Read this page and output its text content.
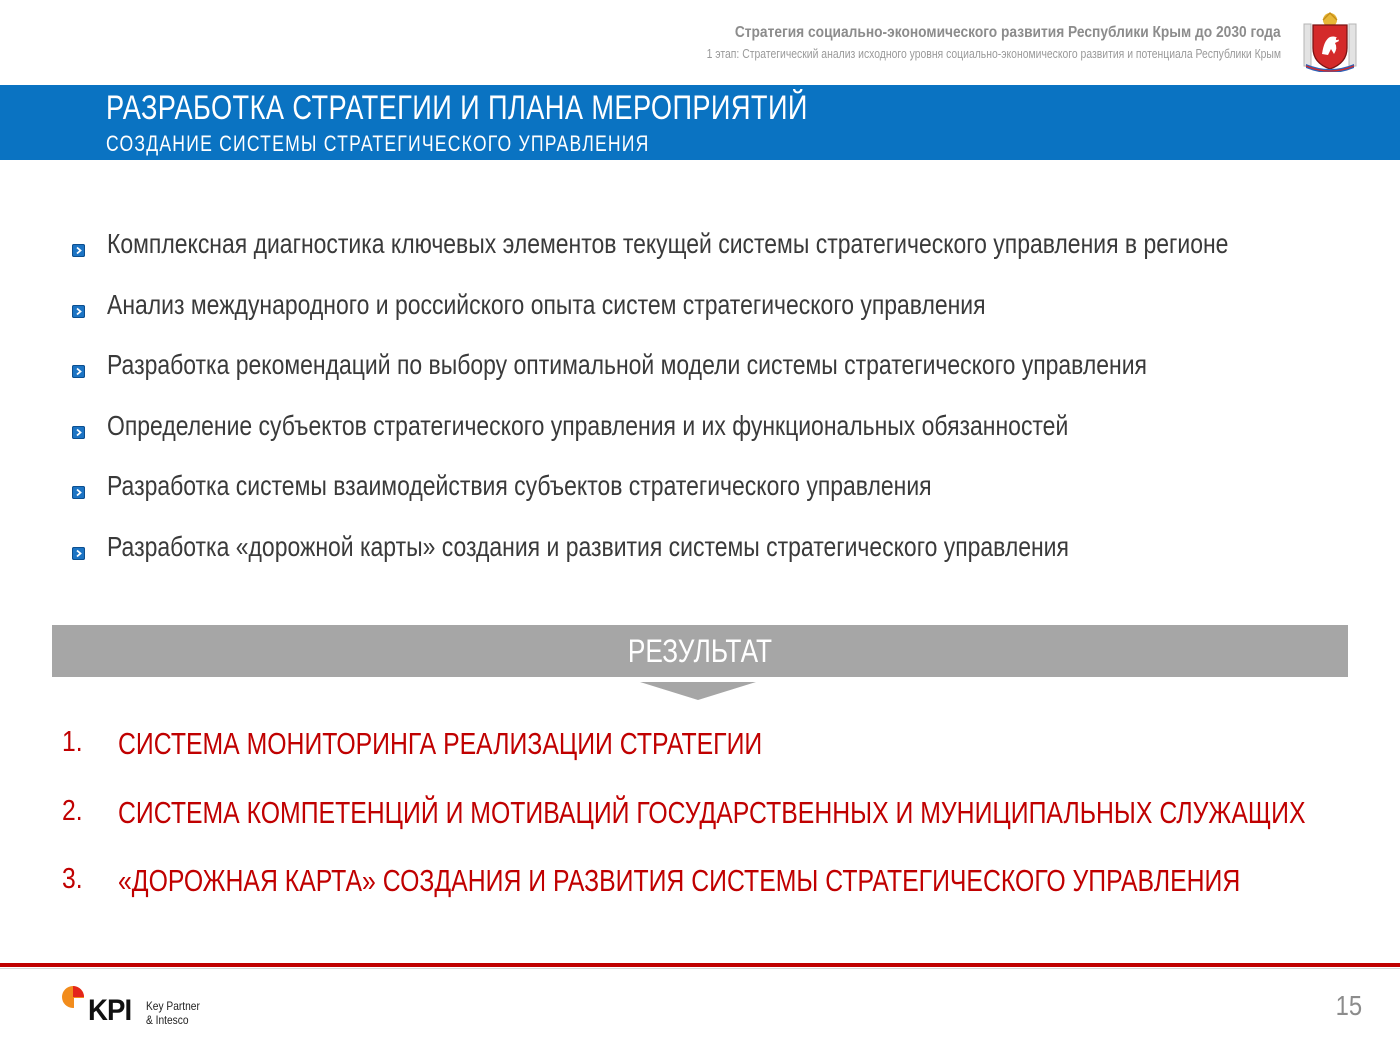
Стратегия социально-экономического развития Республики Крым до 2030 года
1 этап: Стратегический анализ исходного уровня социально-экономического развития и потенциала Республики Крым
РАЗРАБОТКА СТРАТЕГИИ И ПЛАНА МЕРОПРИЯТИЙ
СОЗДАНИЕ СИСТЕМЫ СТРАТЕГИЧЕСКОГО УПРАВЛЕНИЯ
Комплексная диагностика ключевых элементов текущей системы стратегического управления в регионе
Анализ международного и российского опыта систем стратегического управления
Разработка рекомендаций по выбору оптимальной модели системы стратегического управления
Определение субъектов стратегического управления и их функциональных обязанностей
Разработка системы взаимодействия субъектов стратегического управления
Разработка «дорожной карты» создания и развития системы стратегического управления
РЕЗУЛЬТАТ
1. СИСТЕМА МОНИТОРИНГА РЕАЛИЗАЦИИ СТРАТЕГИИ
2. СИСТЕМА КОМПЕТЕНЦИЙ И МОТИВАЦИЙ ГОСУДАРСТВЕННЫХ И МУНИЦИПАЛЬНЫХ СЛУЖАЩИХ
3. «ДОРОЖНАЯ КАРТА» СОЗДАНИЯ И РАЗВИТИЯ СИСТЕМЫ СТРАТЕГИЧЕСКОГО УПРАВЛЕНИЯ
KPI Key Partner
& Intesco	15
